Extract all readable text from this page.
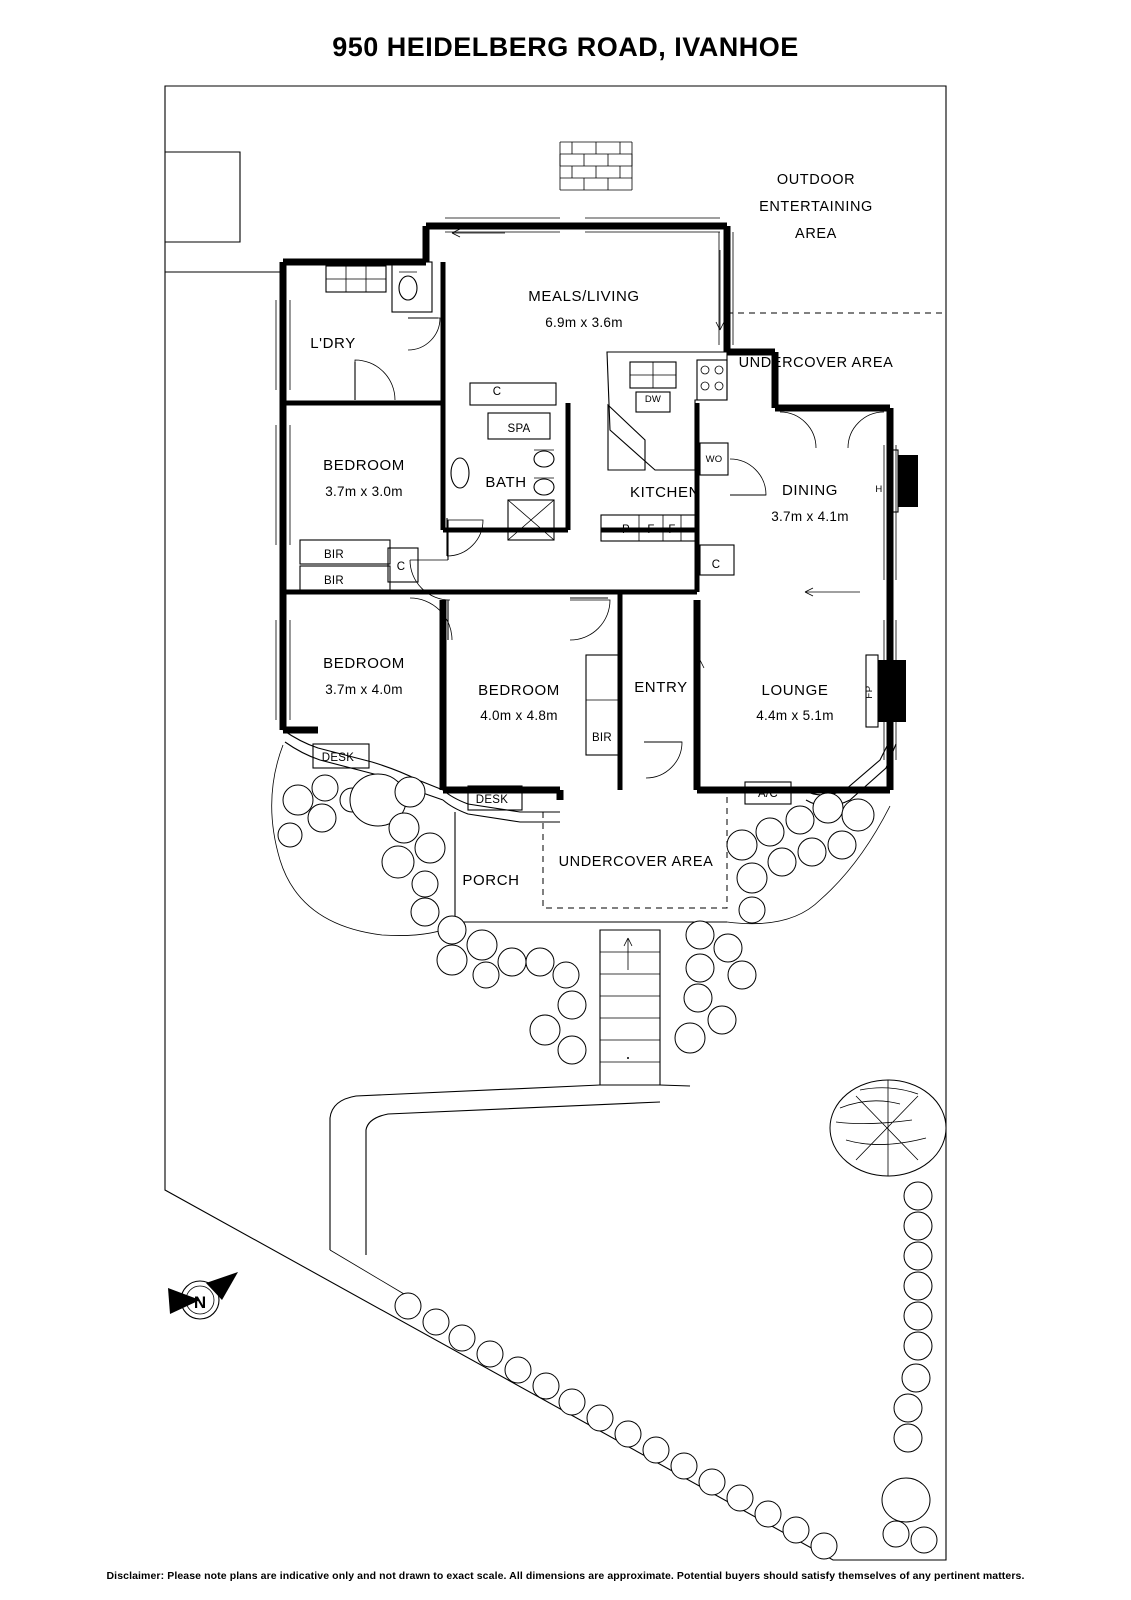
950 HEIDELBERG ROAD, IVANHOE
OUTDOOR
ENTERTAINING
AREA
UNDERCOVER AREA
UNDERCOVER AREA
L'DRY
MEALS/LIVING
6.9m x 3.6m
BEDROOM
3.7m x 3.0m
BATH
KITCHEN	DINING
3.7m x 4.1m
BEDROOM
3.7m x 4.0m	BEDROOM
4.0m x 4.8m
ENTRY	LOUNGE
4.4m x 5.1m
PORCH
SPA
C
DW
WO
P F F
C
BIR
BIR
C
BIR
DESK
DESK	A/C
FP
H
N
Disclaimer: Please note plans are indicative only and not drawn to exact scale. All dimensions are approximate. Potential buyers should satisfy themselves of any pertinent matters.
